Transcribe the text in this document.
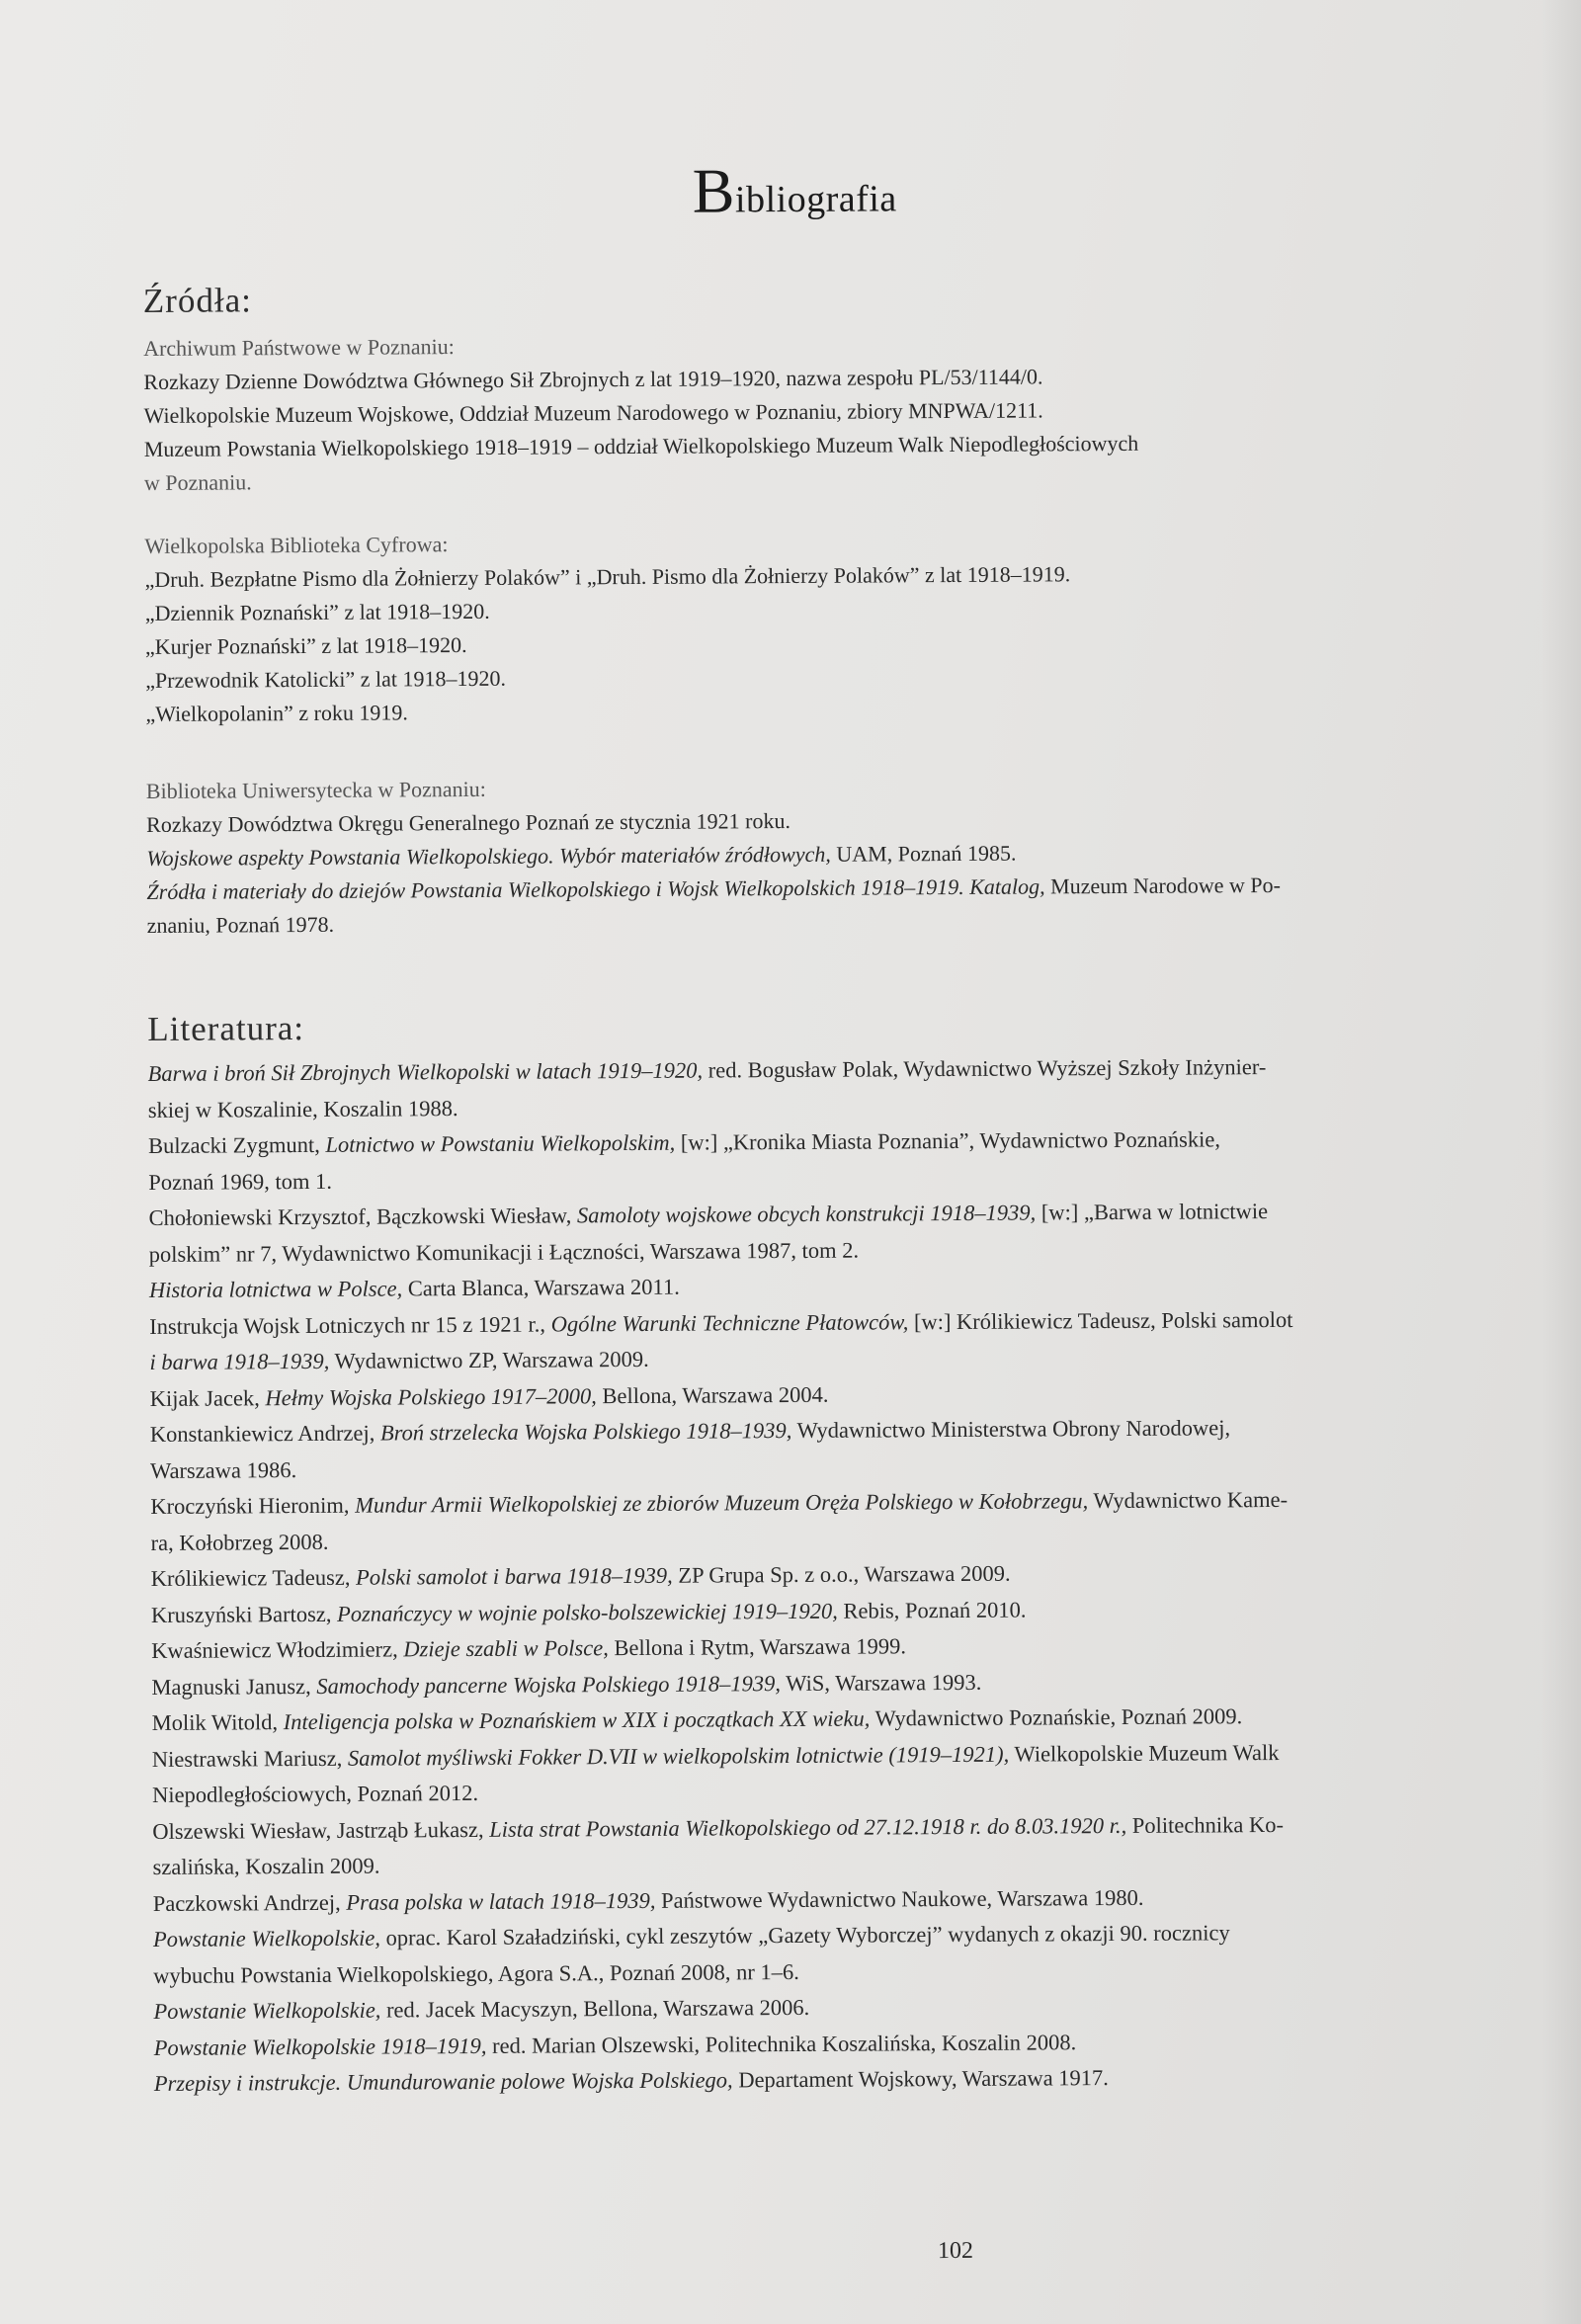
Bibliografia
Źródła:
Archiwum Państwowe w Poznaniu:
Rozkazy Dzienne Dowództwa Głównego Sił Zbrojnych z lat 1919–1920, nazwa zespołu PL/53/1144/0.
Wielkopolskie Muzeum Wojskowe, Oddział Muzeum Narodowego w Poznaniu, zbiory MNPWA/1211.
Muzeum Powstania Wielkopolskiego 1918–1919 – oddział Wielkopolskiego Muzeum Walk Niepodległościowych
w Poznaniu.
Wielkopolska Biblioteka Cyfrowa:
„Druh. Bezpłatne Pismo dla Żołnierzy Polaków” i „Druh. Pismo dla Żołnierzy Polaków” z lat 1918–1919.
„Dziennik Poznański” z lat 1918–1920.
„Kurjer Poznański” z lat 1918–1920.
„Przewodnik Katolicki” z lat 1918–1920.
„Wielkopolanin” z roku 1919.
Biblioteka Uniwersytecka w Poznaniu:
Rozkazy Dowództwa Okręgu Generalnego Poznań ze stycznia 1921 roku.
Wojskowe aspekty Powstania Wielkopolskiego. Wybór materiałów źródłowych, UAM, Poznań 1985.
Źródła i materiały do dziejów Powstania Wielkopolskiego i Wojsk Wielkopolskich 1918–1919. Katalog, Muzeum Narodowe w Po-
znaniu, Poznań 1978.
Literatura:
Barwa i broń Sił Zbrojnych Wielkopolski w latach 1919–1920, red. Bogusław Polak, Wydawnictwo Wyższej Szkoły Inżynier-
skiej w Koszalinie, Koszalin 1988.
Bulzacki Zygmunt, Lotnictwo w Powstaniu Wielkopolskim, [w:] „Kronika Miasta Poznania”, Wydawnictwo Poznańskie,
Poznań 1969, tom 1.
Chołoniewski Krzysztof, Bączkowski Wiesław, Samoloty wojskowe obcych konstrukcji 1918–1939, [w:] „Barwa w lotnictwie
polskim” nr 7, Wydawnictwo Komunikacji i Łączności, Warszawa 1987, tom 2.
Historia lotnictwa w Polsce, Carta Blanca, Warszawa 2011.
Instrukcja Wojsk Lotniczych nr 15 z 1921 r., Ogólne Warunki Techniczne Płatowców, [w:] Królikiewicz Tadeusz, Polski samolot
i barwa 1918–1939, Wydawnictwo ZP, Warszawa 2009.
Kijak Jacek, Hełmy Wojska Polskiego 1917–2000, Bellona, Warszawa 2004.
Konstankiewicz Andrzej, Broń strzelecka Wojska Polskiego 1918–1939, Wydawnictwo Ministerstwa Obrony Narodowej,
Warszawa 1986.
Kroczyński Hieronim, Mundur Armii Wielkopolskiej ze zbiorów Muzeum Oręża Polskiego w Kołobrzegu, Wydawnictwo Kame-
ra, Kołobrzeg 2008.
Królikiewicz Tadeusz, Polski samolot i barwa 1918–1939, ZP Grupa Sp. z o.o., Warszawa 2009.
Kruszyński Bartosz, Poznańczycy w wojnie polsko-bolszewickiej 1919–1920, Rebis, Poznań 2010.
Kwaśniewicz Włodzimierz, Dzieje szabli w Polsce, Bellona i Rytm, Warszawa 1999.
Magnuski Janusz, Samochody pancerne Wojska Polskiego 1918–1939, WiS, Warszawa 1993.
Molik Witold, Inteligencja polska w Poznańskiem w XIX i początkach XX wieku, Wydawnictwo Poznańskie, Poznań 2009.
Niestrawski Mariusz, Samolot myśliwski Fokker D.VII w wielkopolskim lotnictwie (1919–1921), Wielkopolskie Muzeum Walk
Niepodległościowych, Poznań 2012.
Olszewski Wiesław, Jastrząb Łukasz, Lista strat Powstania Wielkopolskiego od 27.12.1918 r. do 8.03.1920 r., Politechnika Ko-
szalińska, Koszalin 2009.
Paczkowski Andrzej, Prasa polska w latach 1918–1939, Państwowe Wydawnictwo Naukowe, Warszawa 1980.
Powstanie Wielkopolskie, oprac. Karol Szaładziński, cykl zeszytów „Gazety Wyborczej” wydanych z okazji 90. rocznicy
wybuchu Powstania Wielkopolskiego, Agora S.A., Poznań 2008, nr 1–6.
Powstanie Wielkopolskie, red. Jacek Macyszyn, Bellona, Warszawa 2006.
Powstanie Wielkopolskie 1918–1919, red. Marian Olszewski, Politechnika Koszalińska, Koszalin 2008.
Przepisy i instrukcje. Umundurowanie polowe Wojska Polskiego, Departament Wojskowy, Warszawa 1917.
102
